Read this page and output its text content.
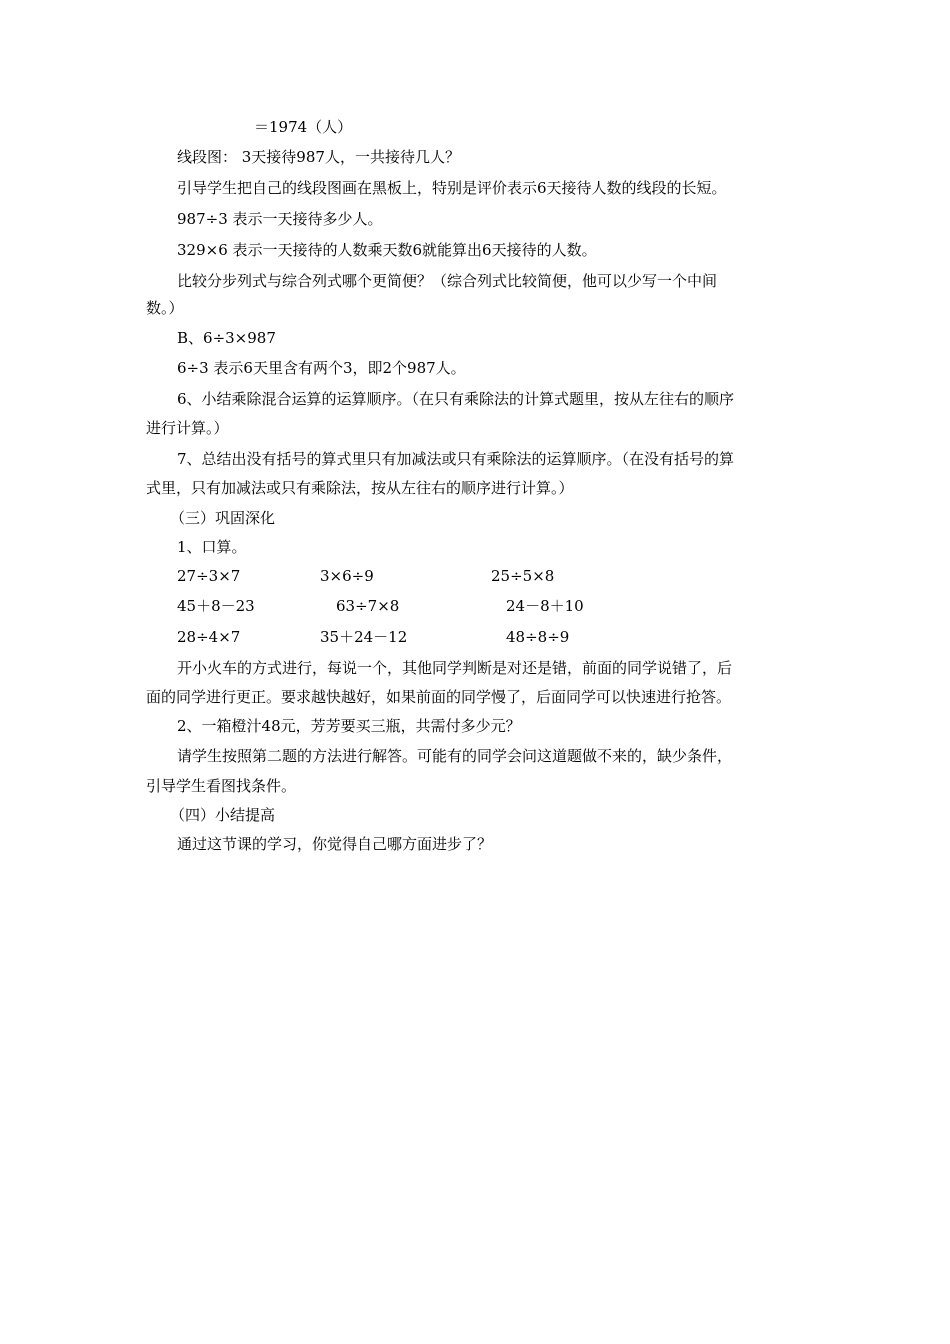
＝1974（人）
线段图： 3天接待987人，一共接待几人？
引导学生把自己的线段图画在黑板上，特别是评价表示6天接待人数的线段的长短。
987÷3 表示一天接待多少人。
329×6 表示一天接待的人数乘天数6就能算出6天接待的人数。
比较分步列式与综合列式哪个更简便？（综合列式比较简便，他可以少写一个中间
数。）
B、6÷3×987
6÷3 表示6天里含有两个3，即2个987人。
6、小结乘除混合运算的运算顺序。（在只有乘除法的计算式题里，按从左往右的顺序
进行计算。）
7、总结出没有括号的算式里只有加减法或只有乘除法的运算顺序。（在没有括号的算
式里，只有加减法或只有乘除法，按从左往右的顺序进行计算。）
（三）巩固深化
1、口算。
27÷3×7	3×6÷9	25÷5×8
45＋8－23	63÷7×8	24－8＋10
28÷4×7	35＋24－12	48÷8÷9
开小火车的方式进行，每说一个，其他同学判断是对还是错，前面的同学说错了，后
面的同学进行更正。要求越快越好，如果前面的同学慢了，后面同学可以快速进行抢答。
2、一箱橙汁48元，芳芳要买三瓶，共需付多少元？
请学生按照第二题的方法进行解答。可能有的同学会问这道题做不来的，缺少条件，
引导学生看图找条件。
（四）小结提高
通过这节课的学习，你觉得自己哪方面进步了？
